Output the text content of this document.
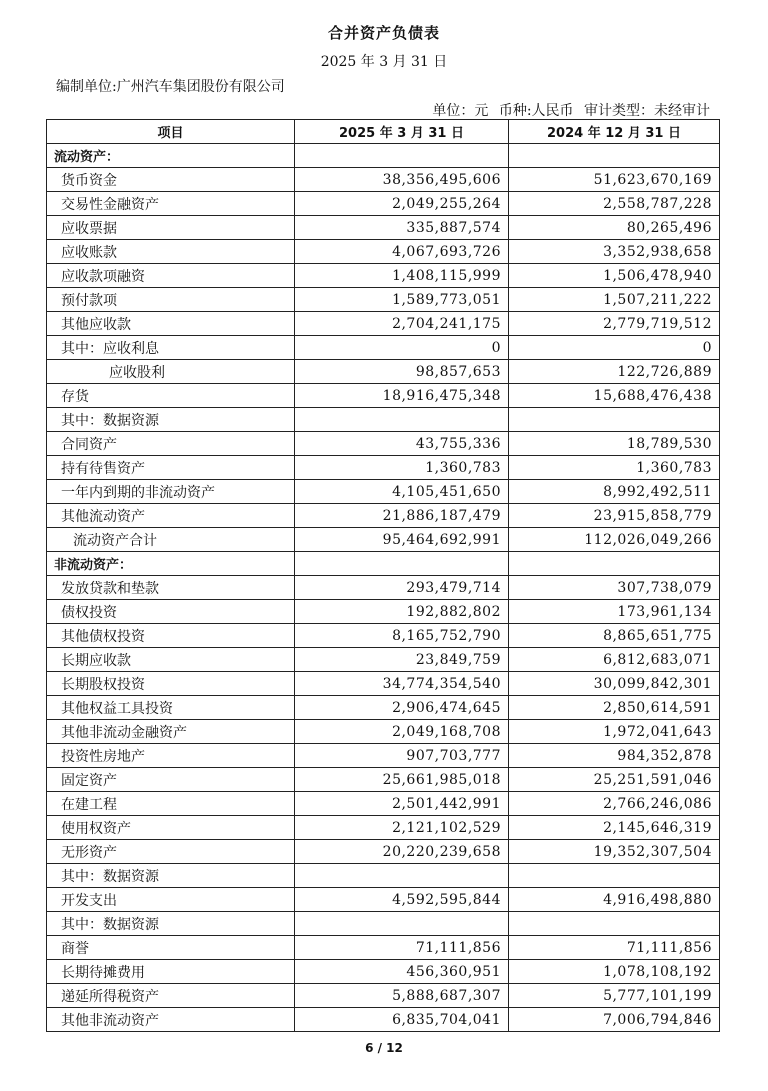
合并资产负债表
2025 年 3 月 31 日
编制单位:广州汽车集团股份有限公司
单位：元 币种:人民币 审计类型：未经审计
项目	2025 年 3 月 31 日	2024 年 12 月 31 日
流动资产：		
货币资金	38,356,495,606	51,623,670,169
交易性金融资产	2,049,255,264	2,558,787,228
应收票据	335,887,574	80,265,496
应收账款	4,067,693,726	3,352,938,658
应收款项融资	1,408,115,999	1,506,478,940
预付款项	1,589,773,051	1,507,211,222
其他应收款	2,704,241,175	2,779,719,512
其中：应收利息	0	0
应收股利	98,857,653	122,726,889
存货	18,916,475,348	15,688,476,438
其中：数据资源		
合同资产	43,755,336	18,789,530
持有待售资产	1,360,783	1,360,783
一年内到期的非流动资产	4,105,451,650	8,992,492,511
其他流动资产	21,886,187,479	23,915,858,779
流动资产合计	95,464,692,991	112,026,049,266
非流动资产：		
发放贷款和垫款	293,479,714	307,738,079
债权投资	192,882,802	173,961,134
其他债权投资	8,165,752,790	8,865,651,775
长期应收款	23,849,759	6,812,683,071
长期股权投资	34,774,354,540	30,099,842,301
其他权益工具投资	2,906,474,645	2,850,614,591
其他非流动金融资产	2,049,168,708	1,972,041,643
投资性房地产	907,703,777	984,352,878
固定资产	25,661,985,018	25,251,591,046
在建工程	2,501,442,991	2,766,246,086
使用权资产	2,121,102,529	2,145,646,319
无形资产	20,220,239,658	19,352,307,504
其中：数据资源		
开发支出	4,592,595,844	4,916,498,880
其中：数据资源		
商誉	71,111,856	71,111,856
长期待摊费用	456,360,951	1,078,108,192
递延所得税资产	5,888,687,307	5,777,101,199
其他非流动资产	6,835,704,041	7,006,794,846
6 / 12
